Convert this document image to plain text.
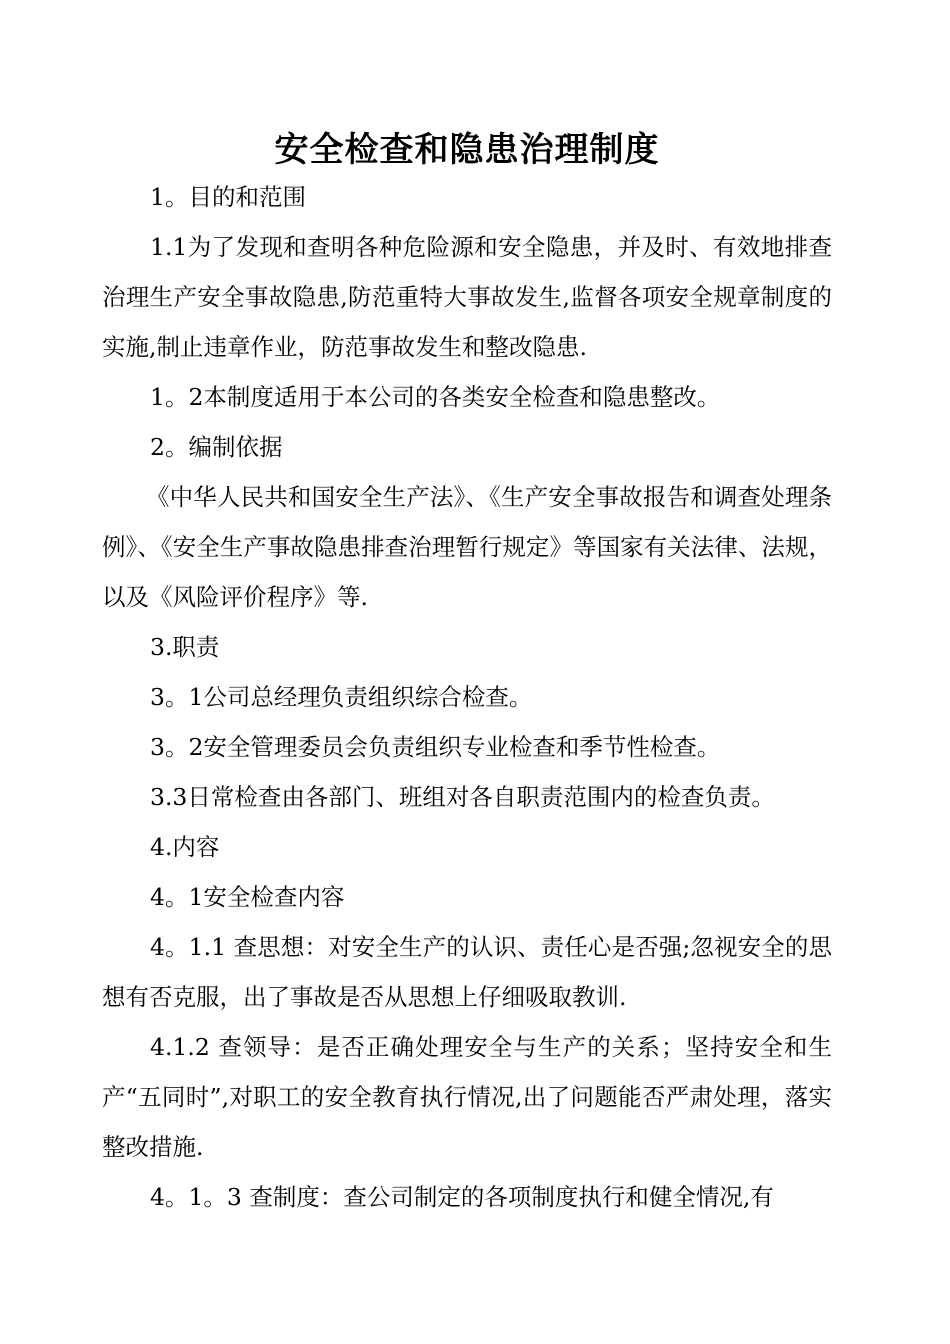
安全检查和隐患治理制度

1。目的和范围

1.1为了发现和查明各种危险源和安全隐患，并及时、有效地排查治理生产安全事故隐患,防范重特大事故发生,监督各项安全规章制度的实施,制止违章作业，防范事故发生和整改隐患.

1。2本制度适用于本公司的各类安全检查和隐患整改。

2。编制依据

《中华人民共和国安全生产法》、《生产安全事故报告和调查处理条例》、《安全生产事故隐患排查治理暂行规定》等国家有关法律、法规，以及《风险评价程序》等.

3.职责

3。1公司总经理负责组织综合检查。

3。2安全管理委员会负责组织专业检查和季节性检查。

3.3日常检查由各部门、班组对各自职责范围内的检查负责。

4.内容

4。1安全检查内容

4。1.1 查思想：对安全生产的认识、责任心是否强;忽视安全的思想有否克服，出了事故是否从思想上仔细吸取教训.

4.1.2 查领导：是否正确处理安全与生产的关系；坚持安全和生产“五同时”,对职工的安全教育执行情况,出了问题能否严肃处理，落实整改措施.

4。1。3 查制度：查公司制定的各项制度执行和健全情况,有
